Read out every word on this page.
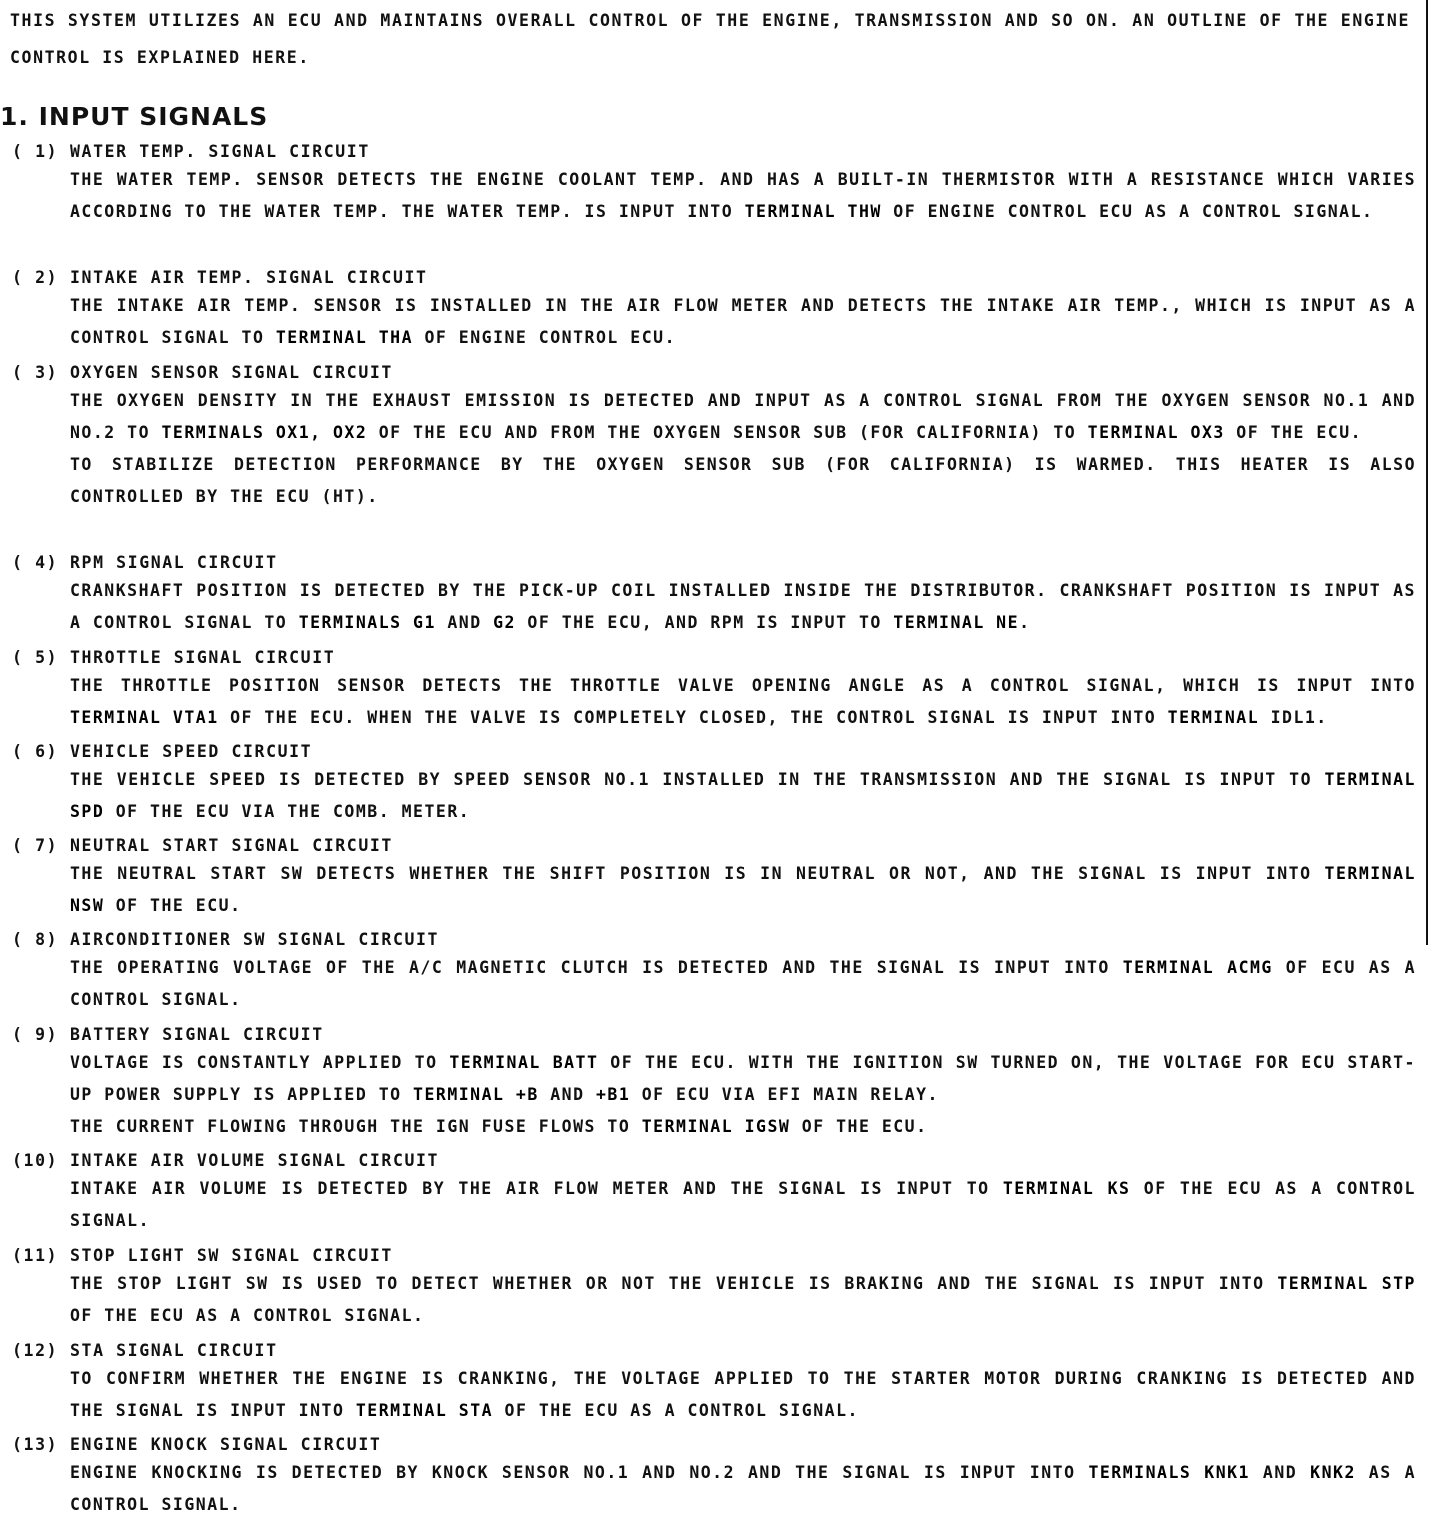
THIS SYSTEM UTILIZES AN ECU AND MAINTAINS OVERALL CONTROL OF THE ENGINE, TRANSMISSION AND SO ON. AN OUTLINE OF THE ENGINE CONTROL IS EXPLAINED HERE.
1. INPUT SIGNALS
( 1) WATER TEMP. SIGNAL CIRCUIT

THE WATER TEMP. SENSOR DETECTS THE ENGINE COOLANT TEMP. AND HAS A BUILT-IN THERMISTOR WITH A RESISTANCE WHICH VARIES ACCORDING TO THE WATER TEMP. THE WATER TEMP. IS INPUT INTO TERMINAL THW OF ENGINE CONTROL ECU AS A CONTROL SIGNAL.

( 2) INTAKE AIR TEMP. SIGNAL CIRCUIT

THE INTAKE AIR TEMP. SENSOR IS INSTALLED IN THE AIR FLOW METER AND DETECTS THE INTAKE AIR TEMP., WHICH IS INPUT AS A CONTROL SIGNAL TO TERMINAL THA OF ENGINE CONTROL ECU.

( 3) OXYGEN SENSOR SIGNAL CIRCUIT

THE OXYGEN DENSITY IN THE EXHAUST EMISSION IS DETECTED AND INPUT AS A CONTROL SIGNAL FROM THE OXYGEN SENSOR NO.1 AND NO.2 TO TERMINALS OX1, OX2 OF THE ECU AND FROM THE OXYGEN SENSOR SUB (FOR CALIFORNIA) TO TERMINAL OX3 OF THE ECU.

TO STABILIZE DETECTION PERFORMANCE BY THE OXYGEN SENSOR SUB (FOR CALIFORNIA) IS WARMED. THIS HEATER IS ALSO CONTROLLED BY THE ECU (HT).

( 4) RPM SIGNAL CIRCUIT

CRANKSHAFT POSITION IS DETECTED BY THE PICK-UP COIL INSTALLED INSIDE THE DISTRIBUTOR. CRANKSHAFT POSITION IS INPUT AS A CONTROL SIGNAL TO TERMINALS G1 AND G2 OF THE ECU, AND RPM IS INPUT TO TERMINAL NE.

( 5) THROTTLE SIGNAL CIRCUIT

THE THROTTLE POSITION SENSOR DETECTS THE THROTTLE VALVE OPENING ANGLE AS A CONTROL SIGNAL, WHICH IS INPUT INTO TERMINAL VTA1 OF THE ECU. WHEN THE VALVE IS COMPLETELY CLOSED, THE CONTROL SIGNAL IS INPUT INTO TERMINAL IDL1.

( 6) VEHICLE SPEED CIRCUIT

THE VEHICLE SPEED IS DETECTED BY SPEED SENSOR NO.1 INSTALLED IN THE TRANSMISSION AND THE SIGNAL IS INPUT TO TERMINAL SPD OF THE ECU VIA THE COMB. METER.

( 7) NEUTRAL START SIGNAL CIRCUIT

THE NEUTRAL START SW DETECTS WHETHER THE SHIFT POSITION IS IN NEUTRAL OR NOT, AND THE SIGNAL IS INPUT INTO TERMINAL NSW OF THE ECU.

( 8) AIRCONDITIONER SW SIGNAL CIRCUIT

THE OPERATING VOLTAGE OF THE A/C MAGNETIC CLUTCH IS DETECTED AND THE SIGNAL IS INPUT INTO TERMINAL ACMG OF ECU AS A CONTROL SIGNAL.

( 9) BATTERY SIGNAL CIRCUIT

VOLTAGE IS CONSTANTLY APPLIED TO TERMINAL BATT OF THE ECU. WITH THE IGNITION SW TURNED ON, THE VOLTAGE FOR ECU START-UP POWER SUPPLY IS APPLIED TO TERMINAL +B AND +B1 OF ECU VIA EFI MAIN RELAY.

THE CURRENT FLOWING THROUGH THE IGN FUSE FLOWS TO TERMINAL IGSW OF THE ECU.

(10) INTAKE AIR VOLUME SIGNAL CIRCUIT

INTAKE AIR VOLUME IS DETECTED BY THE AIR FLOW METER AND THE SIGNAL IS INPUT TO TERMINAL KS OF THE ECU AS A CONTROL SIGNAL.

(11) STOP LIGHT SW SIGNAL CIRCUIT

THE STOP LIGHT SW IS USED TO DETECT WHETHER OR NOT THE VEHICLE IS BRAKING AND THE SIGNAL IS INPUT INTO TERMINAL STP OF THE ECU AS A CONTROL SIGNAL.

(12) STA SIGNAL CIRCUIT

TO CONFIRM WHETHER THE ENGINE IS CRANKING, THE VOLTAGE APPLIED TO THE STARTER MOTOR DURING CRANKING IS DETECTED AND THE SIGNAL IS INPUT INTO TERMINAL STA OF THE ECU AS A CONTROL SIGNAL.

(13) ENGINE KNOCK SIGNAL CIRCUIT

ENGINE KNOCKING IS DETECTED BY KNOCK SENSOR NO.1 AND NO.2 AND THE SIGNAL IS INPUT INTO TERMINALS KNK1 AND KNK2 AS A CONTROL SIGNAL.
